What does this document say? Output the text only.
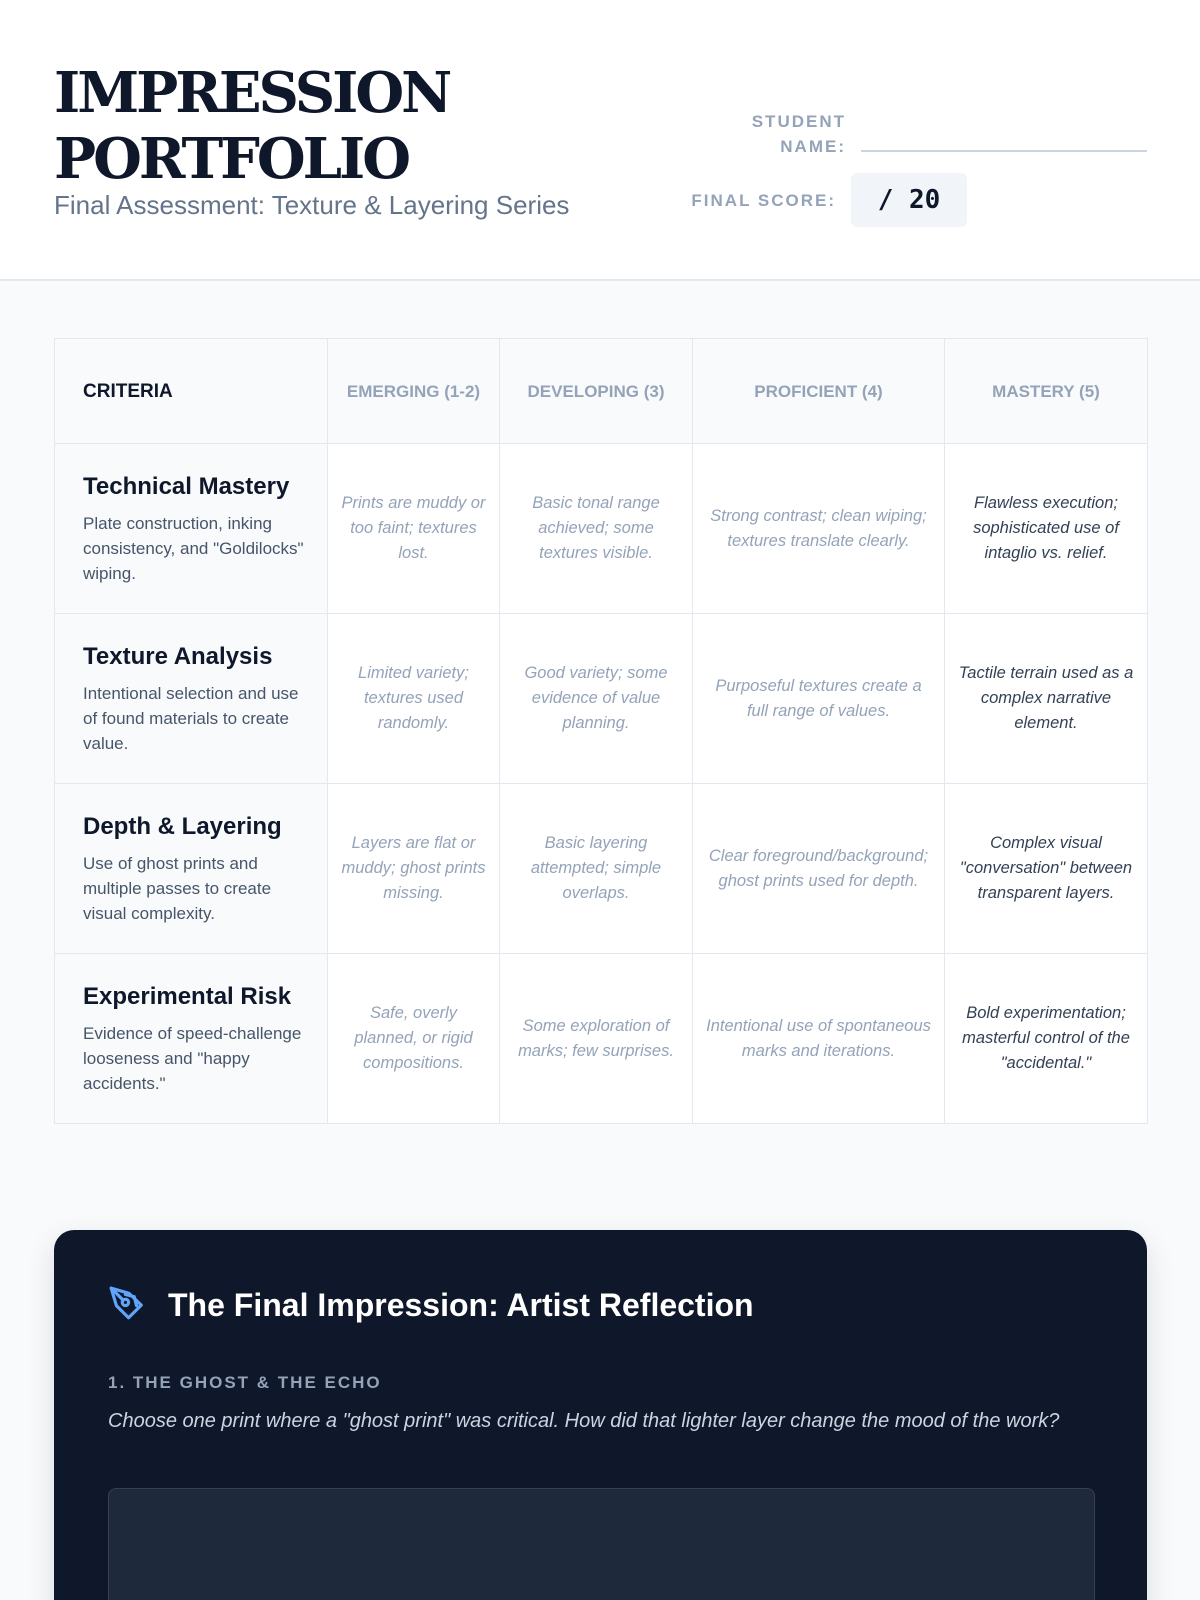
IMPRESSION
PORTFOLIO
Final Assessment: Texture & Layering Series
STUDENT
NAME:
FINAL SCORE:	/ 20
CRITERIA	EMERGING (1-2)	DEVELOPING (3)	PROFICIENT (4)	MASTERY (5)

Technical Mastery
Plate construction, inking consistency, and "Goldilocks" wiping.	Prints are muddy or too faint; textures lost.	Basic tonal range achieved; some textures visible.	Strong contrast; clean wiping; textures translate clearly.	Flawless execution; sophisticated use of intaglio vs. relief.

Texture Analysis
Intentional selection and use of found materials to create value.	Limited variety; textures used randomly.	Good variety; some evidence of value planning.	Purposeful textures create a full range of values.	Tactile terrain used as a complex narrative element.

Depth & Layering
Use of ghost prints and multiple passes to create visual complexity.	Layers are flat or muddy; ghost prints missing.	Basic layering attempted; simple overlaps.	Clear foreground/background; ghost prints used for depth.	Complex visual "conversation" between transparent layers.

Experimental Risk
Evidence of speed-challenge looseness and "happy accidents."	Safe, overly planned, or rigid compositions.	Some exploration of marks; few surprises.	Intentional use of spontaneous marks and iterations.	Bold experimentation; masterful control of the "accidental."
The Final Impression: Artist Reflection
1. THE GHOST & THE ECHO
Choose one print where a "ghost print" was critical. How did that lighter layer change the mood of the work?
